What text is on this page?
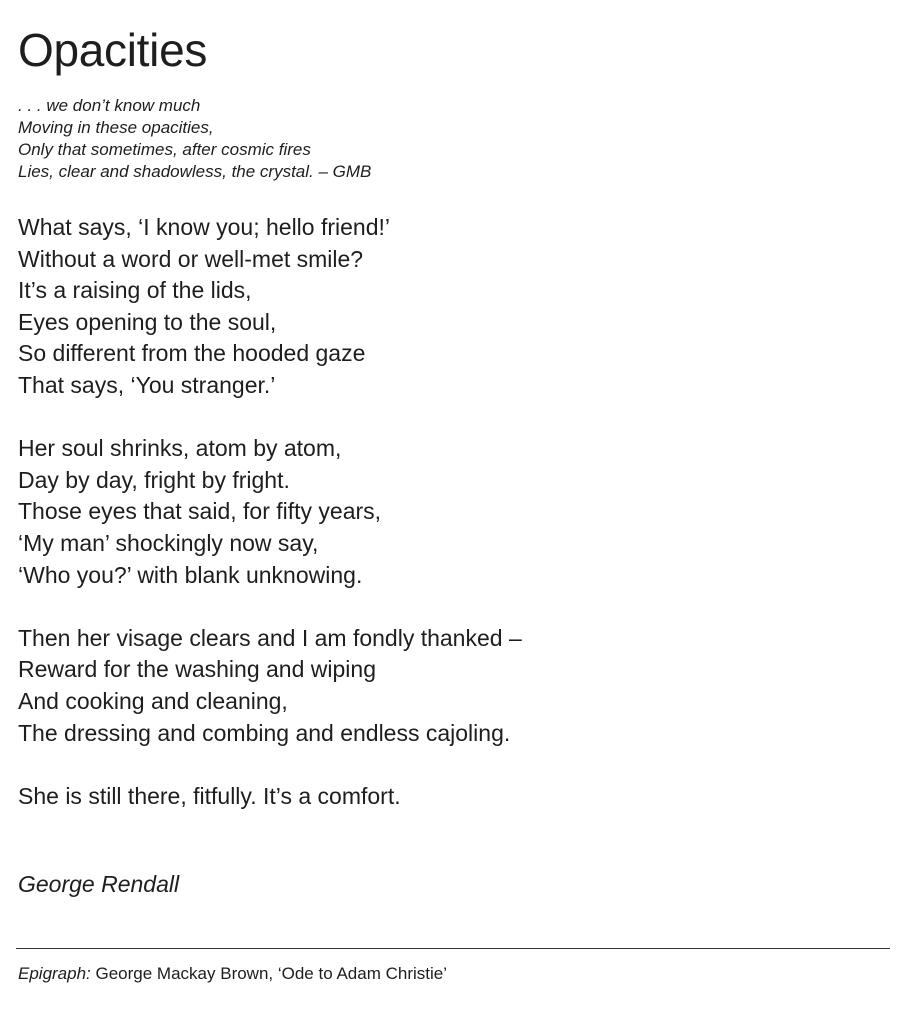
Opacities
. . . we don’t know much
Moving in these opacities,
Only that sometimes, after cosmic fires
Lies, clear and shadowless, the crystal. – GMB
What says, ‘I know you; hello friend!’
Without a word or well-met smile?
It’s a raising of the lids,
Eyes opening to the soul,
So different from the hooded gaze
That says, ‘You stranger.’
Her soul shrinks, atom by atom,
Day by day, fright by fright.
Those eyes that said, for fifty years,
‘My man’ shockingly now say,
‘Who you?’ with blank unknowing.
Then her visage clears and I am fondly thanked –
Reward for the washing and wiping
And cooking and cleaning,
The dressing and combing and endless cajoling.
She is still there, fitfully. It’s a comfort.
George Rendall
Epigraph: George Mackay Brown, ‘Ode to Adam Christie’
